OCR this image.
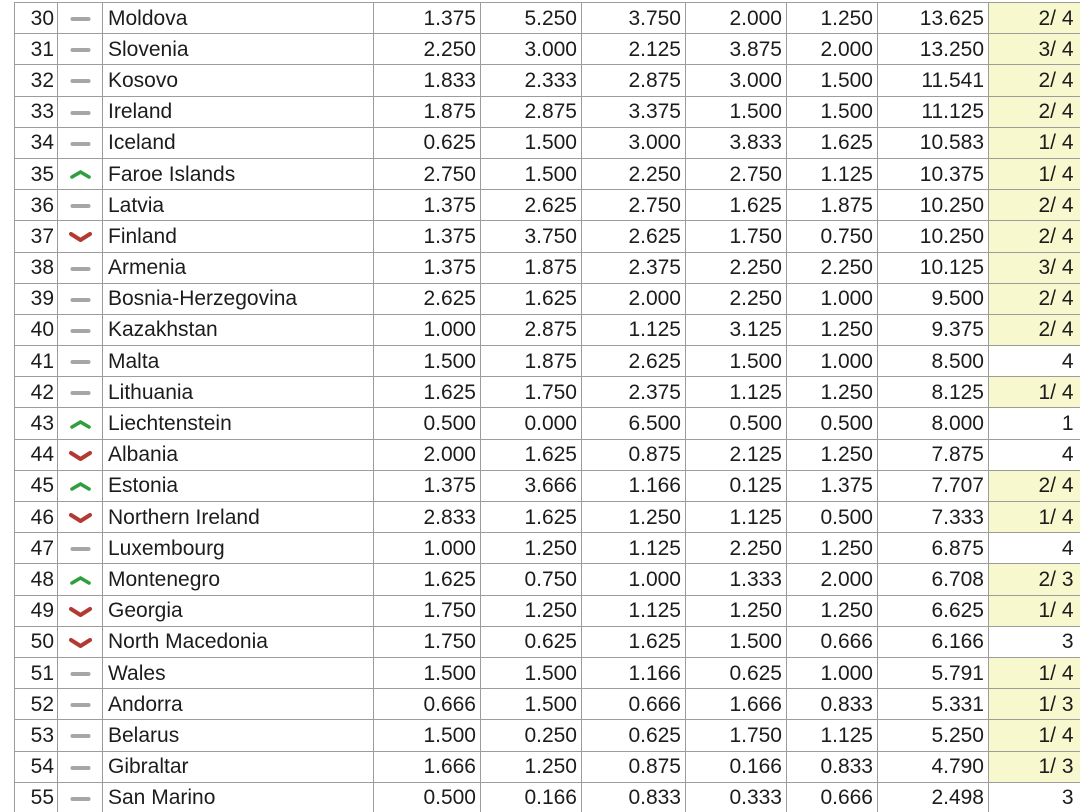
30		Moldova	1.375	5.250	3.750	2.000	1.250	13.625	2/ 4
31		Slovenia	2.250	3.000	2.125	3.875	2.000	13.250	3/ 4
32		Kosovo	1.833	2.333	2.875	3.000	1.500	11.541	2/ 4
33		Ireland	1.875	2.875	3.375	1.500	1.500	11.125	2/ 4
34		Iceland	0.625	1.500	3.000	3.833	1.625	10.583	1/ 4
35		Faroe Islands	2.750	1.500	2.250	2.750	1.125	10.375	1/ 4
36		Latvia	1.375	2.625	2.750	1.625	1.875	10.250	2/ 4
37		Finland	1.375	3.750	2.625	1.750	0.750	10.250	2/ 4
38		Armenia	1.375	1.875	2.375	2.250	2.250	10.125	3/ 4
39		Bosnia-Herzegovina	2.625	1.625	2.000	2.250	1.000	9.500	2/ 4
40		Kazakhstan	1.000	2.875	1.125	3.125	1.250	9.375	2/ 4
41		Malta	1.500	1.875	2.625	1.500	1.000	8.500	4
42		Lithuania	1.625	1.750	2.375	1.125	1.250	8.125	1/ 4
43		Liechtenstein	0.500	0.000	6.500	0.500	0.500	8.000	1
44		Albania	2.000	1.625	0.875	2.125	1.250	7.875	4
45		Estonia	1.375	3.666	1.166	0.125	1.375	7.707	2/ 4
46		Northern Ireland	2.833	1.625	1.250	1.125	0.500	7.333	1/ 4
47		Luxembourg	1.000	1.250	1.125	2.250	1.250	6.875	4
48		Montenegro	1.625	0.750	1.000	1.333	2.000	6.708	2/ 3
49		Georgia	1.750	1.250	1.125	1.250	1.250	6.625	1/ 4
50		North Macedonia	1.750	0.625	1.625	1.500	0.666	6.166	3
51		Wales	1.500	1.500	1.166	0.625	1.000	5.791	1/ 4
52		Andorra	0.666	1.500	0.666	1.666	0.833	5.331	1/ 3
53		Belarus	1.500	0.250	0.625	1.750	1.125	5.250	1/ 4
54		Gibraltar	1.666	1.250	0.875	0.166	0.833	4.790	1/ 3
55		San Marino	0.500	0.166	0.833	0.333	0.666	2.498	3
